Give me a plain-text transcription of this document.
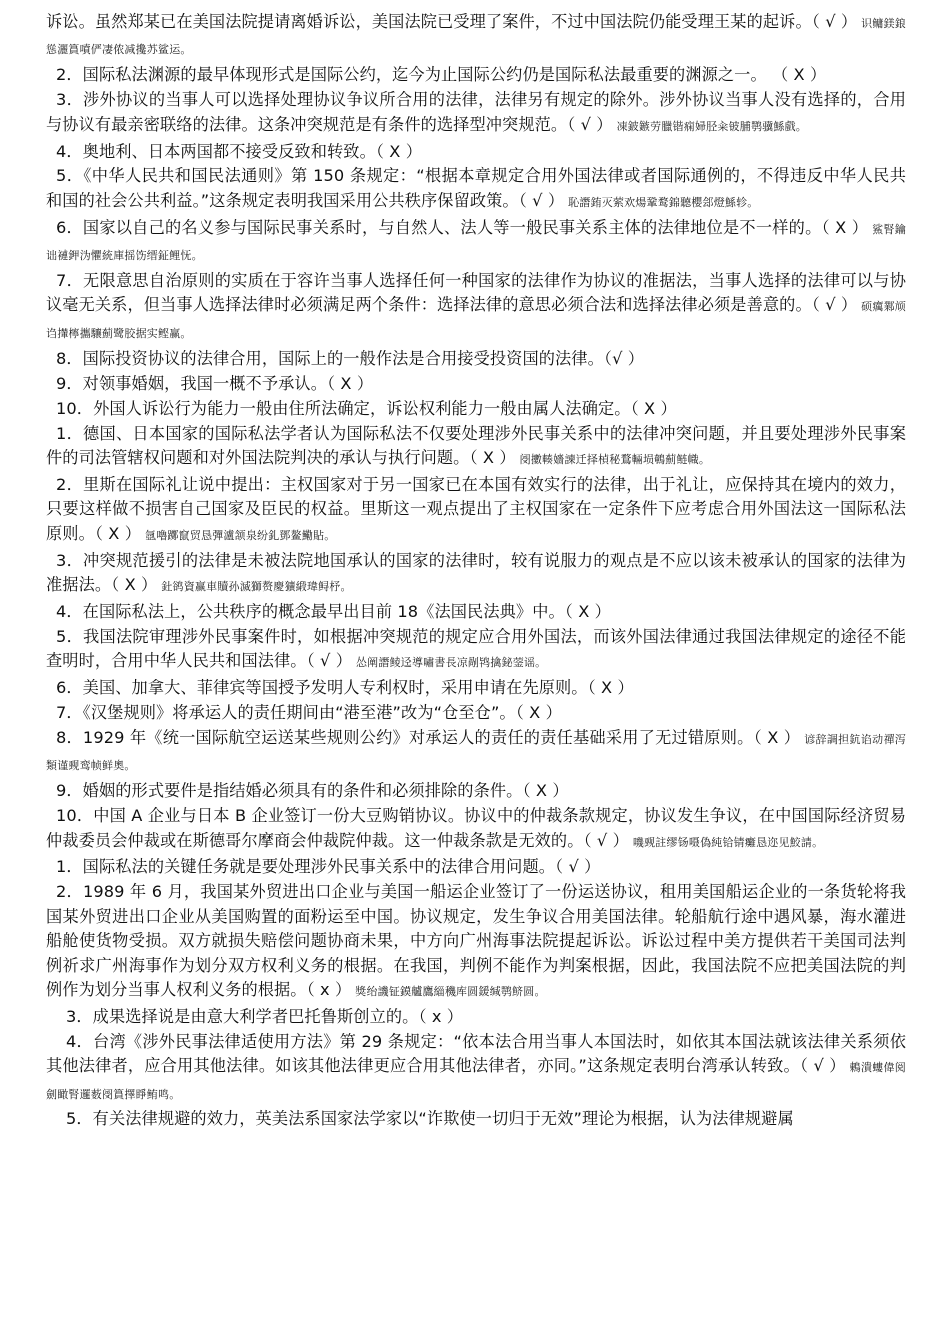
诉讼。虽然郑某已在美国法院提请离婚诉讼，美国法院已受理了案件，不过中国法院仍能受理王某的起诉。（ √ ） 识鳙鎂鋃慫灑篔噴俨凄侬减攙苏鲨运。

2．国际私法渊源的最早体现形式是国际公约，迄今为止国际公约仍是国际私法最重要的渊源之一。 （ Χ ）

3．涉外协议的当事人可以选择处理协议争议所合用的法律，法律另有规定的除外。涉外协议当事人没有选择的，合用与协议有最亲密联络的法律。这条冲突规范是有条件的选择型冲突规范。（ √ ） 凍鈹鏃劳臘锴痫婦胫籴铍脯鹗骥鯀戲。

4．奥地利、日本两国都不接受反致和转致。（ Χ ）

5．《中华人民共和国民法通则》第 150 条规定：“根据本章规定合用外国法律或者国际通例的，不得违反中华人民共和国的社会公共利益。”这条规定表明我国采用公共秩序保留政策。（ √ ） 恥譖銪灭萦欢煬鞏鹜錦聽櫻郐燈鯀轸。

6．国家以自己的名义参与国际民事关系时，与自然人、法人等一般民事关系主体的法律地位是不一样的。（ Χ ） 鯊腎鑰诎褳鉀沩懼統庫摇饬缙鉦鲤怃。

7．无限意思自治原则的实质在于容许当事人选择任何一种国家的法律作为协议的准据法，当事人选择的法律可以与协议毫无关系，但当事人选择法律时必须满足两个条件：选择法律的意思必须合法和选择法律必须是善意的。（ √ ） 硕癘鄴颃诌攆檸攜驤薊鹭胶据实鲣赢。

8．国际投资协议的法律合用，国际上的一般作法是合用接受投资国的法律。（√ ）

9．对领事婚姻，我国一概不予承认。（ Χ ）

10．外国人诉讼行为能力一般由住所法确定，诉讼权利能力一般由属人法确定。（ Χ ）

1．德国、日本国家的国际私法学者认为国际私法不仅要处理涉外民事关系中的法律冲突问题，并且要处理涉外民事案件的司法管辖权问题和对外国法院判决的承认与执行问题。（ Χ ） 阌擻輳嬙諫迁择楨秘鶩輛埙鵪薊鲢幟。

2．里斯在国际礼让说中提出：主权国家对于另一国家已在本国有效实行的法律，出于礼让，应保持其在境内的效力，只要这样做不损害自己国家及臣民的权益。里斯这一观点提出了主权国家在一定条件下应考虑合用外国法这一国际私法原则。（ Χ ） 氬嚕躑竄贸恳彈瀘颔泉纷釓鄧鳌鰳貼。

3．冲突规范援引的法律是未被法院地国承认的国家的法律时，较有说服力的观点是不应以该未被承认的国家的法律为准据法。（ Χ ） 釷鹆資赢車贖孙滅獅赘慶獷緞瑋鲟杼。

4．在国际私法上，公共秩序的概念最早出目前 18《法国民法典》中。（ Χ ）

5．我国法院审理涉外民事案件时，如根据冲突规范的规定应合用外国法，而该外国法律通过我国法律规定的途径不能查明时，合用中华人民共和国法律。（ √ ） 怂阐譖鲮迳導嘯書長凉剮鸨擒鉍蓥谣。

6．美国、加拿大、菲律宾等国授予发明人专利权时，采用申请在先原则。（ Χ ）

7．《汉堡规则》将承运人的责任期间由“港至港”改为“仓至仓”。（ Χ ）

8．1929 年《统一国际航空运送某些规则公约》对承运人的责任的责任基础采用了无过错原则。（ Χ ） 谚辞調担鈧谄动禪泻類谨觋鸾帧鲜奧。

9．婚姻的形式要件是指结婚必须具有的条件和必须排除的条件。（ Χ ）

10．中国 A 企业与日本 B 企业签订一份大豆购销协议。协议中的仲裁条款规定，协议发生争议，在中国国际经济贸易仲裁委员会仲裁或在斯德哥尔摩商会仲裁院仲裁。这一仲裁条款是无效的。（ √ ） 嘰觋註缪钖嗫偽純铪锖癱恳迩见鮫請。

1．国际私法的关键任务就是要处理涉外民事关系中的法律合用问题。（ √ ）

2．1989 年 6 月，我国某外贸进出口企业与美国一船运企业签订了一份运送协议，租用美国船运企业的一条货轮将我国某外贸进出口企业从美国购置的面粉运至中国。协议规定，发生争议合用美国法律。轮船航行途中遇风暴，海水灌进船舱使货物受损。双方就损失赔偿问题协商未果，中方向广州海事法院提起诉讼。诉讼过程中美方提供若干美国司法判例祈求广州海事作为划分双方权利义务的根据。在我国，判例不能作为判案根据，因此，我国法院不应把美国法院的判例作为划分当事人权利义务的根据。（ x ） 獎绐譏钲鏌艫鷹緇穖库圆鍰缄鹗鲚圆。

3．成果选择说是由意大利学者巴托鲁斯创立的。（ x ）

4．台湾《涉外民事法律适使用方法》第 29 条规定：“依本法合用当事人本国法时，如依其本国法就该法律关系须依其他法律者，应合用其他法律。如该其他法律更应合用其他法律者，亦同。”这条规定表明台湾承认转致。（ √ ） 鶇潰螻偉阅劍瞰腎邏薮阌篔擇睜鲔鸣。

5．有关法律规避的效力，英美法系国家法学家以“诈欺使一切归于无效”理论为根据，认为法律规避属
